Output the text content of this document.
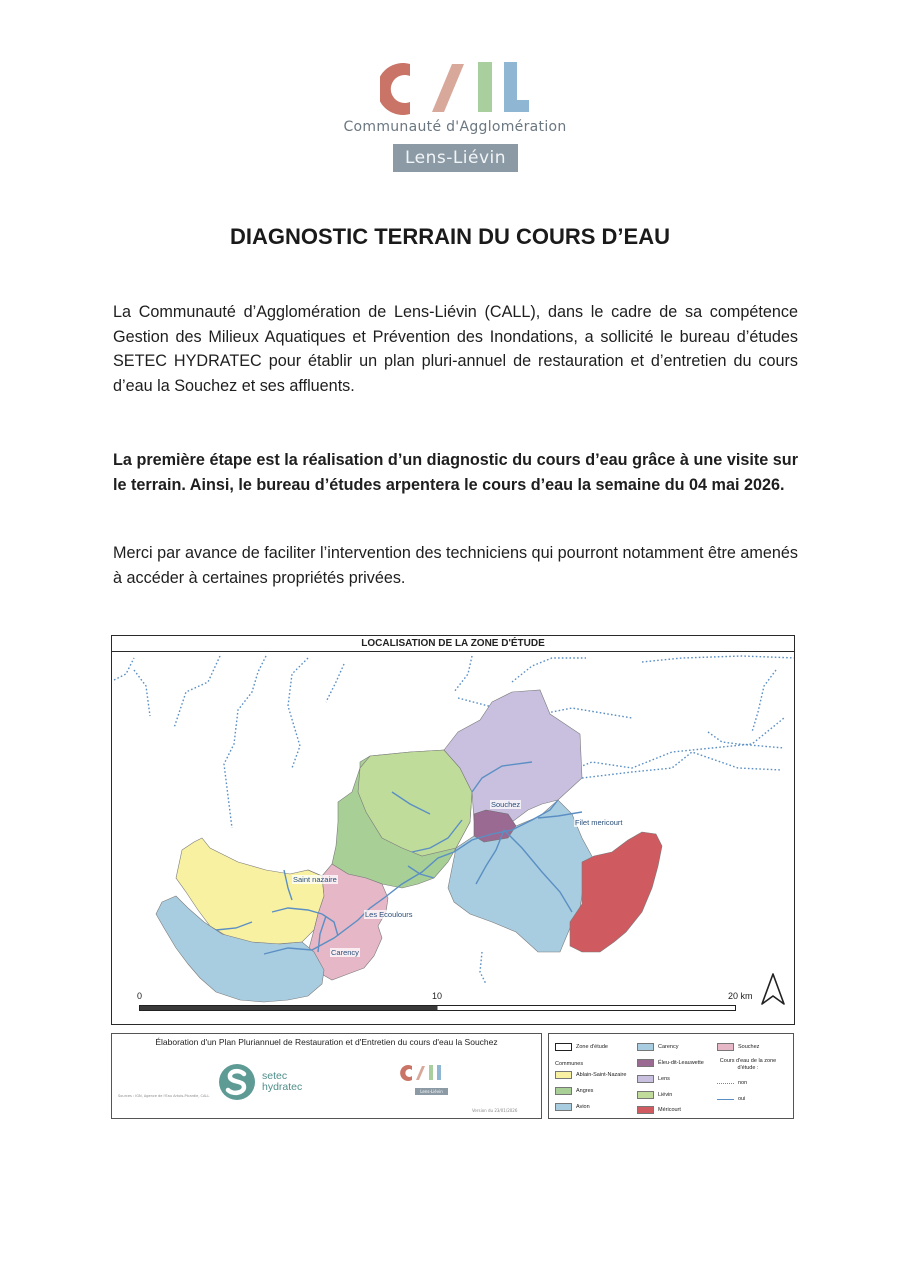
Communauté d'Agglomération
Lens-Liévin
DIAGNOSTIC TERRAIN DU COURS D’EAU
La Communauté d’Agglomération de Lens-Liévin (CALL), dans le cadre de sa compétence Gestion des Milieux Aquatiques et Prévention des Inondations, a sollicité le bureau d’études SETEC HYDRATEC pour établir un plan pluri-annuel de restauration et d’entretien du cours d’eau la Souchez et ses affluents.
La première étape est la réalisation d’un diagnostic du cours d’eau grâce à une visite sur le terrain. Ainsi, le bureau d’études arpentera le cours d’eau la semaine du 04 mai 2026.
Merci par avance de faciliter l’intervention des techniciens qui pourront notamment être amenés à accéder à certaines propriétés privées.
LOCALISATION DE LA ZONE D'ÉTUDE
Souchez
Filet mericourt
Saint nazaire
Les Ecoulours
Carency
0	10	20 km
Élaboration d'un Plan Pluriannuel de Restauration et d'Entretien du cours d'eau la Souchez
setec
hydratec	Lens-Liévin
Sources : IGN, Agence de l'Eau Artois-Picardie, CALL
Version du 23/01/2026
Zone d'étude
Communes
Ablain-Saint-Nazaire
Angres
Avion
Carency
Éleu-dit-Leauwette
Lens
Liévin
Méricourt
Souchez
Cours d'eau de la zone d'étude :
non
oui
